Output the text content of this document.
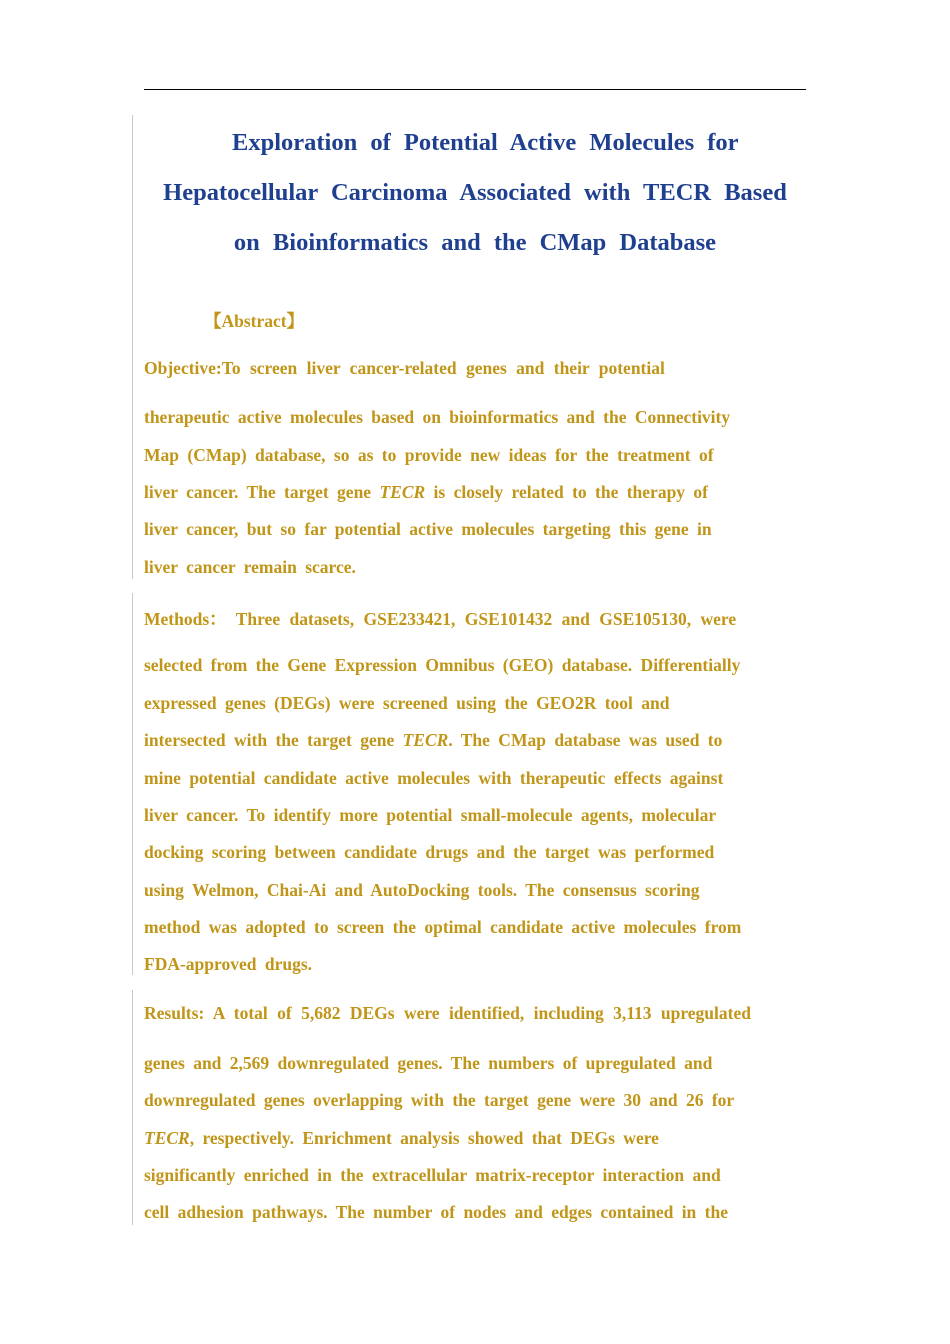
Exploration of Potential Active Molecules for
Hepatocellular Carcinoma Associated with TECR Based
on Bioinformatics and the CMap Database
【Abstract】
Objective:To screen liver cancer-related genes and their potential
therapeutic active molecules based on bioinformatics and the Connectivity
Map (CMap) database, so as to provide new ideas for the treatment of
liver cancer. The target gene TECR is closely related to the therapy of
liver cancer, but so far potential active molecules targeting this gene in
liver cancer remain scarce.
Methods： Three datasets, GSE233421, GSE101432 and GSE105130, were
selected from the Gene Expression Omnibus (GEO) database. Differentially
expressed genes (DEGs) were screened using the GEO2R tool and
intersected with the target gene TECR. The CMap database was used to
mine potential candidate active molecules with therapeutic effects against
liver cancer. To identify more potential small-molecule agents, molecular
docking scoring between candidate drugs and the target was performed
using Welmon, Chai-Ai and AutoDocking tools. The consensus scoring
method was adopted to screen the optimal candidate active molecules from
FDA-approved drugs.
Results: A total of 5,682 DEGs were identified, including 3,113 upregulated
genes and 2,569 downregulated genes. The numbers of upregulated and
downregulated genes overlapping with the target gene were 30 and 26 for
TECR, respectively. Enrichment analysis showed that DEGs were
significantly enriched in the extracellular matrix-receptor interaction and
cell adhesion pathways. The number of nodes and edges contained in the
